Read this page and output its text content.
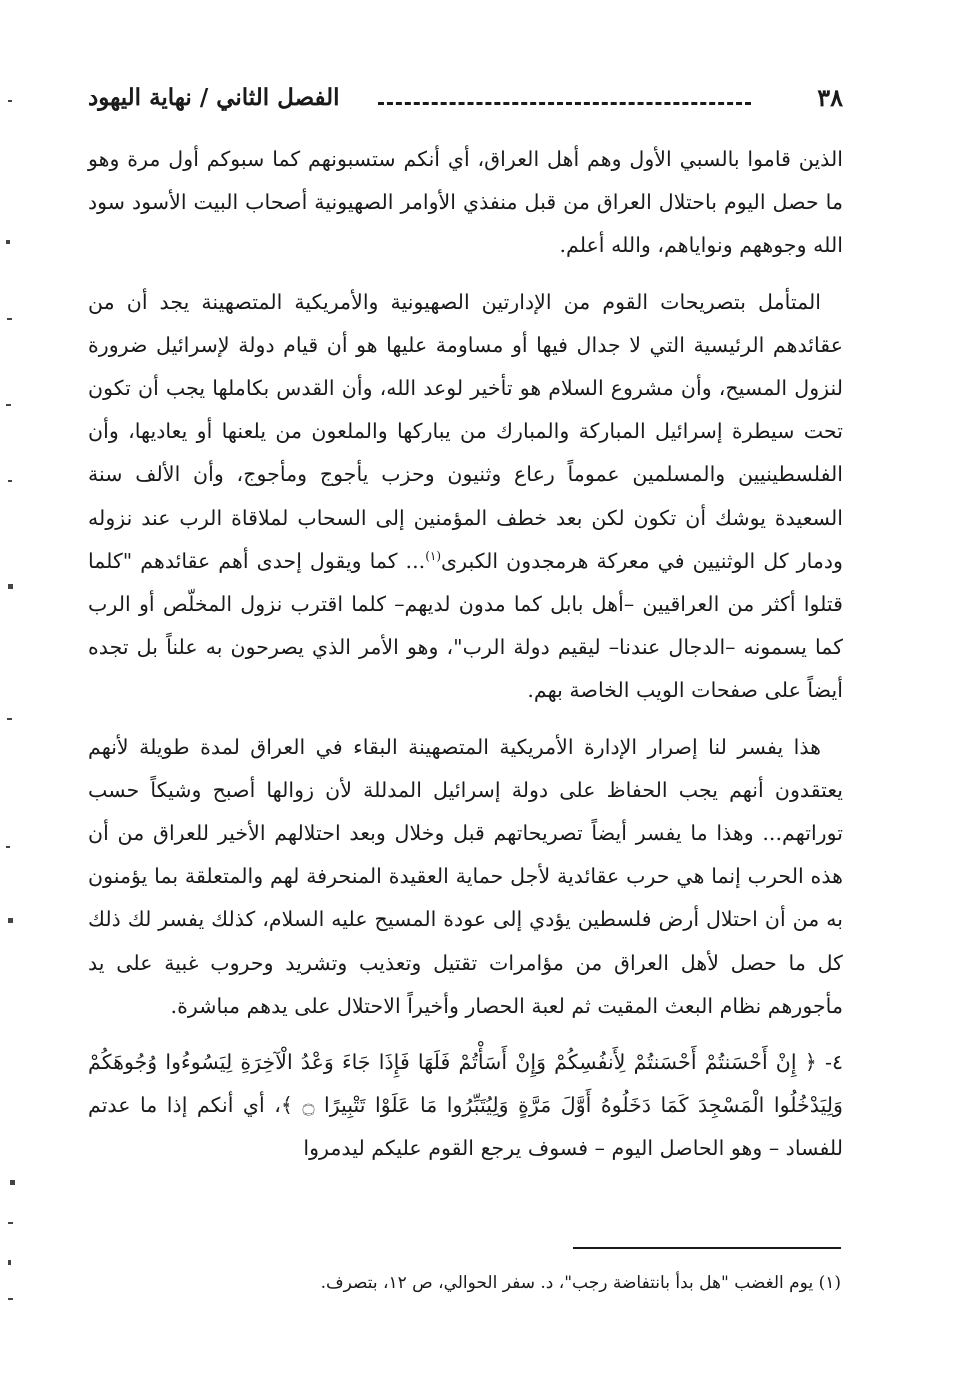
٣٨
الفصل الثاني / نهاية اليهود

الذين قاموا بالسبي الأول وهم أهل العراق، أي أنكم ستسبونهم كما سبوكم أول مرة وهو ما حصل اليوم باحتلال العراق من قبل منفذي الأوامر الصهيونية أصحاب البيت الأسود سود الله وجوههم ونواياهم، والله أعلم.

المتأمل بتصريحات القوم من الإدارتين الصهيونية والأمريكية المتصهينة يجد أن من عقائدهم الرئيسية التي لا جدال فيها أو مساومة عليها هو أن قيام دولة لإسرائيل ضرورة لنزول المسيح، وأن مشروع السلام هو تأخير لوعد الله، وأن القدس بكاملها يجب أن تكون تحت سيطرة إسرائيل المباركة والمبارك من يباركها والملعون من يلعنها أو يعاديها، وأن الفلسطينيين والمسلمين عموماً رعاع وثنيون وحزب يأجوج ومأجوج، وأن الألف سنة السعيدة يوشك أن تكون لكن بعد خطف المؤمنين إلى السحاب لملاقاة الرب عند نزوله ودمار كل الوثنيين في معركة هرمجدون الكبرى$^{(١)}$... كما ويقول إحدى أهم عقائدهم "كلما قتلوا أكثر من العراقيين –أهل بابل كما مدون لديهم– كلما اقترب نزول المخلّص أو الرب كما يسمونه –الدجال عندنا– ليقيم دولة الرب"، وهو الأمر الذي يصرحون به علناً بل تجده أيضاً على صفحات الويب الخاصة بهم.

هذا يفسر لنا إصرار الإدارة الأمريكية المتصهينة البقاء في العراق لمدة طويلة لأنهم يعتقدون أنهم يجب الحفاظ على دولة إسرائيل المدللة لأن زوالها أصبح وشيكاً حسب توراتهم... وهذا ما يفسر أيضاً تصريحاتهم قبل وخلال وبعد احتلالهم الأخير للعراق من أن هذه الحرب إنما هي حرب عقائدية لأجل حماية العقيدة المنحرفة لهم والمتعلقة بما يؤمنون به من أن احتلال أرض فلسطين يؤدي إلى عودة المسيح عليه السلام، كذلك يفسر لك ذلك كل ما حصل لأهل العراق من مؤامرات تقتيل وتعذيب وتشريد وحروب غبية على يد مأجورهم نظام البعث المقيت ثم لعبة الحصار وأخيراً الاحتلال على يدهم مباشرة.

٤- ﴿ إِنْ أَحْسَنتُمْ أَحْسَنتُمْ لِأَنفُسِكُمْ وَإِنْ أَسَأْتُمْ فَلَهَا فَإِذَا جَاءَ وَعْدُ الْآخِرَةِ لِيَسُوءُوا وُجُوهَكُمْ وَلِيَدْخُلُوا الْمَسْجِدَ كَمَا دَخَلُوهُ أَوَّلَ مَرَّةٍ وَلِيُتَبِّرُوا مَا عَلَوْا تَتْبِيرًا ۝ ﴾، أي أنكم إذا ما عدتم للفساد – وهو الحاصل اليوم – فسوف يرجع القوم عليكم ليدمروا

(١) يوم الغضب "هل بدأ بانتفاضة رجب"، د. سفر الحوالي، ص ١٢، بتصرف.
